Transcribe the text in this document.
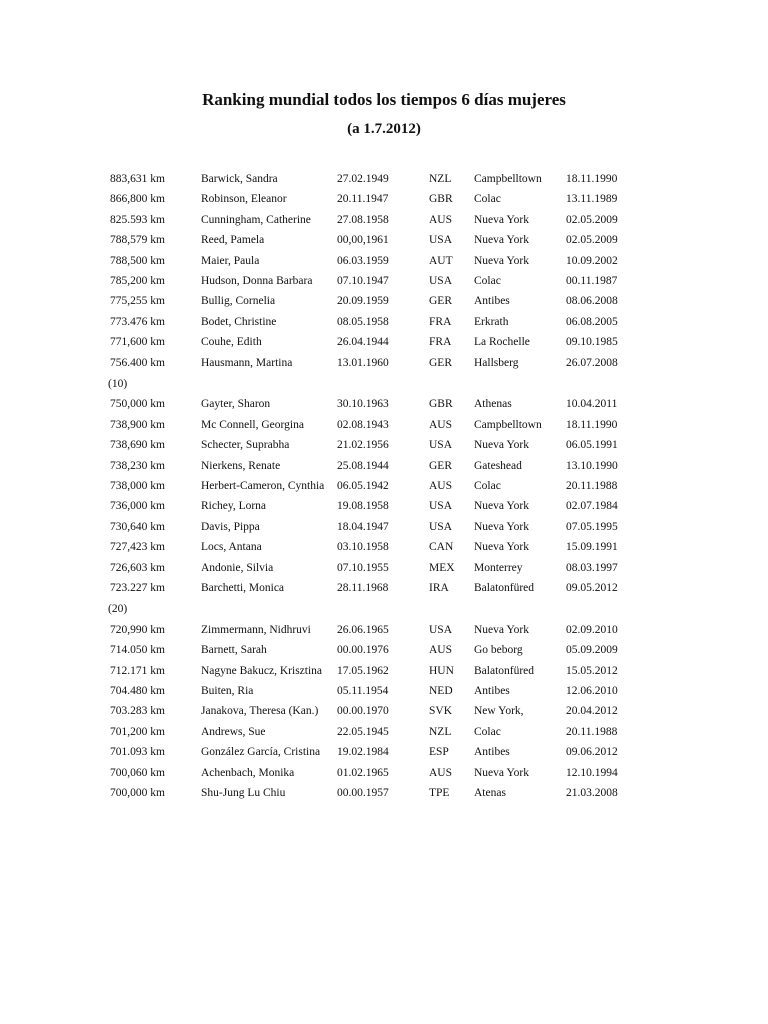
Ranking mundial todos los tiempos 6 días mujeres
(a 1.7.2012)
883,631 km	Barwick, Sandra	27.02.1949	NZL Campbelltown 18.11.1990
866,800 km	Robinson, Eleanor	20.11.1947	GBR Colac	13.11.1989
825.593 km	Cunningham, Catherine 27.08.1958	AUS Nueva York	02.05.2009
788,579 km	Reed, Pamela	00,00,1961	USA Nueva York	02.05.2009
788,500 km	Maier, Paula	06.03.1959	AUT Nueva York	10.09.2002
785,200 km	Hudson, Donna Barbara 07.10.1947	USA Colac	00.11.1987
775,255 km	Bullig, Cornelia	20.09.1959	GER Antibes	08.06.2008
773.476 km	Bodet, Christine	08.05.1958	FRA Erkrath	06.08.2005
771,600 km	Couhe, Edith	26.04.1944	FRA La Rochelle	09.10.1985
756.400 km	Hausmann, Martina	13.01.1960	GER Hallsberg	26.07.2008
(10)
750,000 km	Gayter, Sharon	30.10.1963	GBR Athenas	10.04.2011
738,900 km	Mc Connell, Georgina	02.08.1943	AUS Campbelltown 18.11.1990
738,690 km	Schecter, Suprabha	21.02.1956	USA Nueva York	06.05.1991
738,230 km	Nierkens, Renate	25.08.1944	GER Gateshead	13.10.1990
738,000 km	Herbert-Cameron, Cynthia 06.05.1942	AUS Colac	20.11.1988
736,000 km	Richey, Lorna	19.08.1958	USA Nueva York	02.07.1984
730,640 km	Davis, Pippa	18.04.1947	USA Nueva York	07.05.1995
727,423 km	Locs, Antana	03.10.1958	CAN Nueva York	15.09.1991
726,603 km	Andonie, Silvia	07.10.1955	MEX Monterrey	08.03.1997
723.227 km	Barchetti, Monica	28.11.1968	IRA Balatonfüred	09.05.2012
(20)
720,990 km	Zimmermann, Nidhruvi 26.06.1965	USA Nueva York	02.09.2010
714.050 km	Barnett, Sarah	00.00.1976	AUS Go beborg	05.09.2009
712.171 km	Nagyne Bakucz, Krisztina 17.05.1962	HUN Balatonfüred	15.05.2012
704.480 km	Buiten, Ria	05.11.1954	NED Antibes	12.06.2010
703.283 km	Janakova, Theresa (Kan.) 00.00.1970	SVK New York,	20.04.2012
701,200 km	Andrews, Sue	22.05.1945	NZL Colac	20.11.1988
701.093 km	González García, Cristina 19.02.1984	ESP Antibes	09.06.2012
700,060 km	Achenbach, Monika	01.02.1965	AUS Nueva York	12.10.1994
700,000 km	Shu-Jung Lu Chiu	00.00.1957	TPE Atenas	21.03.2008
